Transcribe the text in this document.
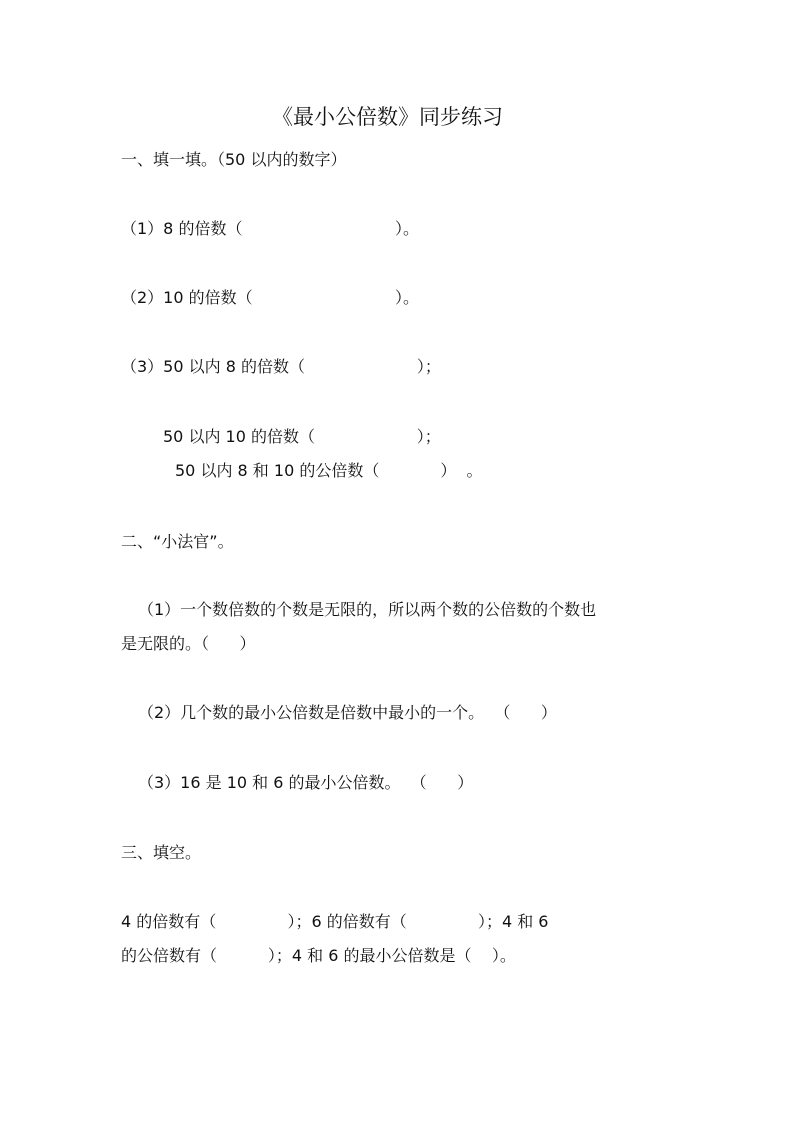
《最小公倍数》同步练习
一、填一填。（50 以内的数字）
（1）8 的倍数（                              ）。
（2）10 的倍数（                            ）。
（3）50 以内 8 的倍数（                      ）；
50 以内 10 的倍数（                    ）；
50 以内 8 和 10 的公倍数（            ）  。
二、“小法官”。
（1）一个数倍数的个数是无限的，所以两个数的公倍数的个数也
是无限的。（      ）
（2）几个数的最小公倍数是倍数中最小的一个。  （      ）
（3）16 是 10 和 6 的最小公倍数。  （      ）
三、填空。
4 的倍数有（              ）；6 的倍数有（              ）；4 和 6
的公倍数有（          ）；4 和 6 的最小公倍数是（    ）。
